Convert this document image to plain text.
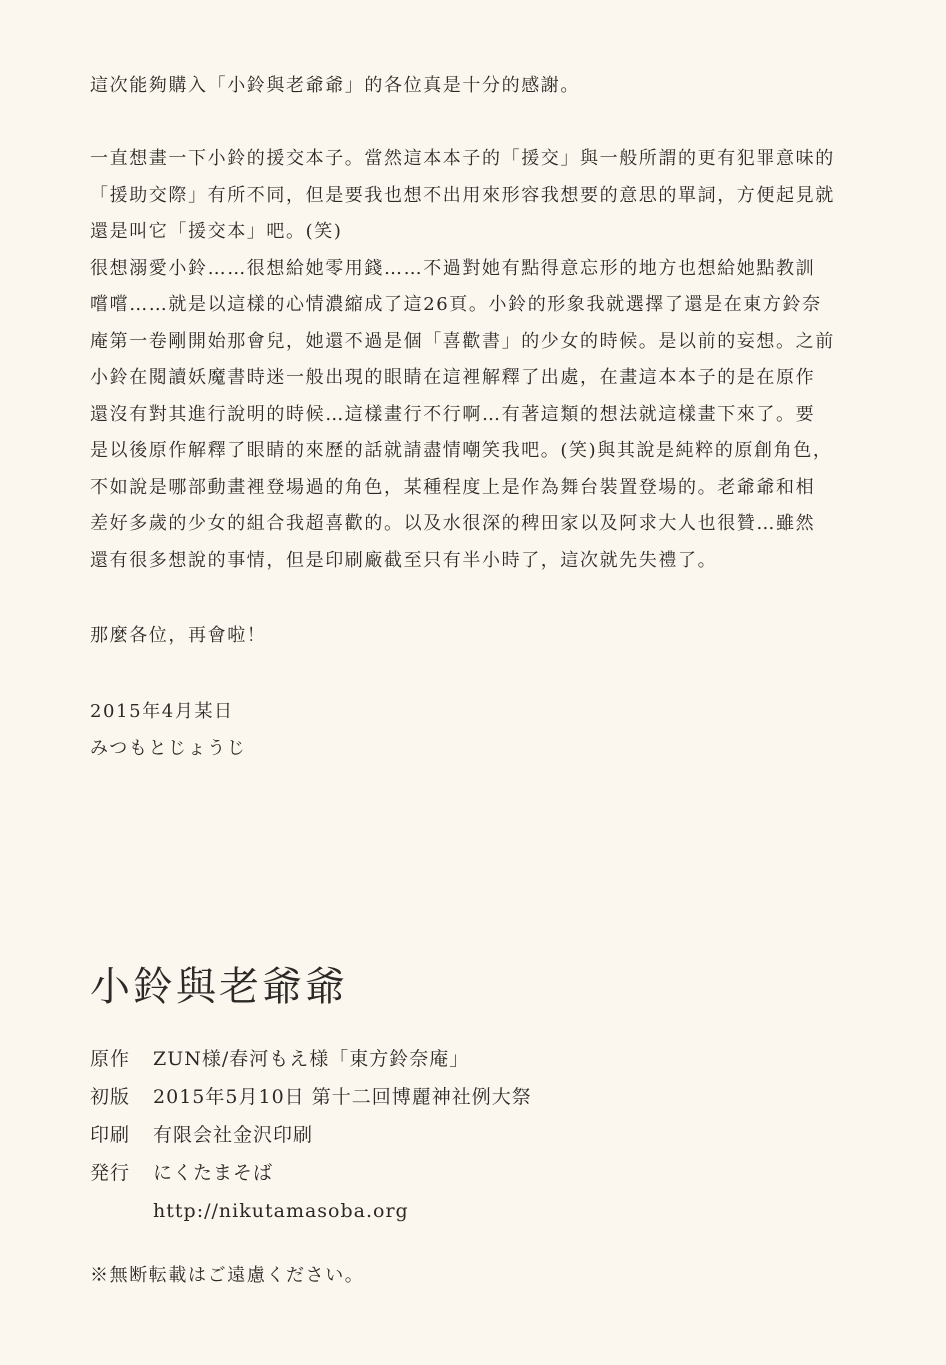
這次能夠購入「小鈴與老爺爺」的各位真是十分的感謝。
一直想畫一下小鈴的援交本子。當然這本本子的「援交」與一般所謂的更有犯罪意味的
「援助交際」有所不同，但是要我也想不出用來形容我想要的意思的單詞，方便起見就
還是叫它「援交本」吧。(笑)
很想溺愛小鈴……很想給她零用錢……不過對她有點得意忘形的地方也想給她點教訓
嚐嚐……就是以這樣的心情濃縮成了這26頁。小鈴的形象我就選擇了還是在東方鈴奈
庵第一卷剛開始那會兒，她還不過是個「喜歡書」的少女的時候。是以前的妄想。之前
小鈴在閱讀妖魔書時迷一般出現的眼睛在這裡解釋了出處，在畫這本本子的是在原作
還沒有對其進行說明的時候…這樣畫行不行啊…有著這類的想法就這樣畫下來了。要
是以後原作解釋了眼睛的來歷的話就請盡情嘲笑我吧。(笑)與其說是純粹的原創角色，
不如說是哪部動畫裡登場過的角色，某種程度上是作為舞台裝置登場的。老爺爺和相
差好多歲的少女的組合我超喜歡的。以及水很深的稗田家以及阿求大人也很贊…雖然
還有很多想說的事情，但是印刷廠截至只有半小時了，這次就先失禮了。
那麼各位，再會啦！
2015年4月某日
みつもとじょうじ
小鈴與老爺爺
原作 ZUN様/春河もえ様「東方鈴奈庵」
初版 2015年5月10日 第十二回博麗神社例大祭
印刷 有限会社金沢印刷
発行 にくたまそば
http://nikutamasoba.org

※無断転載はご遠慮ください。
